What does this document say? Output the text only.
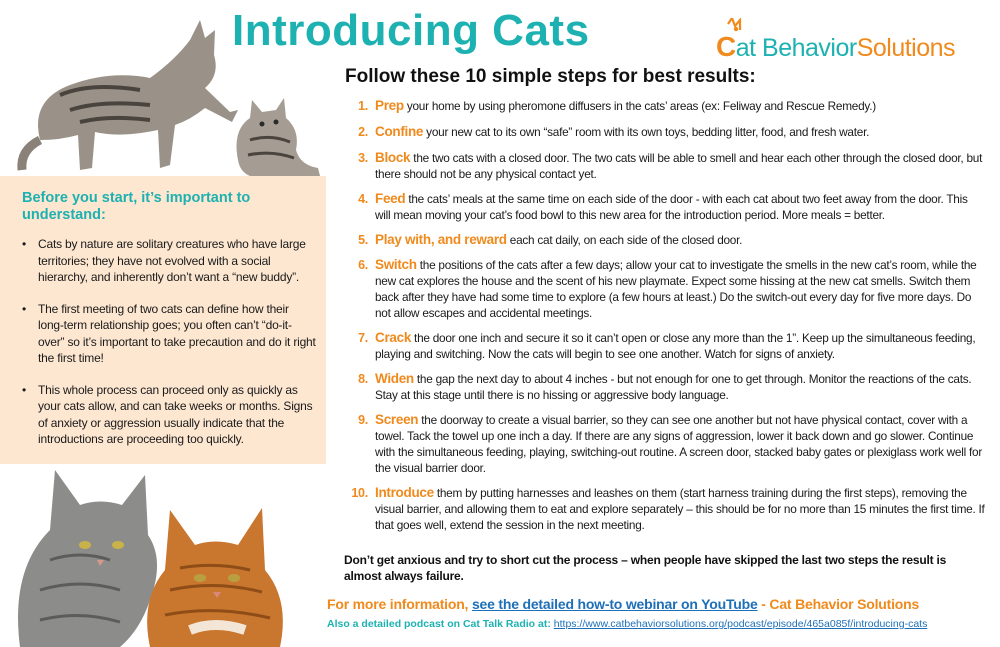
Introducing Cats	Cat BehaviorSolutions
Before you start, it’s important to understand:
• Cats by nature are solitary creatures who have large territories; they have not evolved with a social hierarchy, and inherently don’t want a “new buddy”.
• The first meeting of two cats can define how their long-term relationship goes; you often can’t “do-it-over” so it’s important to take precaution and do it right the first time!
• This whole process can proceed only as quickly as your cats allow, and can take weeks or months. Signs of anxiety or aggression usually indicate that the introductions are proceeding too quickly.
Follow these 10 simple steps for best results:
1. Prep your home by using pheromone diffusers in the cats’ areas (ex: Feliway and Rescue Remedy.)
2. Confine your new cat to its own “safe” room with its own toys, bedding litter, food, and fresh water.
3. Block the two cats with a closed door. The two cats will be able to smell and hear each other through the closed door, but there should not be any physical contact yet.
4. Feed the cats’ meals at the same time on each side of the door - with each cat about two feet away from the door. This will mean moving your cat’s food bowl to this new area for the introduction period. More meals = better.
5. Play with, and reward each cat daily, on each side of the closed door.
6. Switch the positions of the cats after a few days; allow your cat to investigate the smells in the new cat’s room, while the new cat explores the house and the scent of his new playmate. Expect some hissing at the new cat smells. Switch them back after they have had some time to explore (a few hours at least.) Do the switch-out every day for five more days. Do not allow escapes and accidental meetings.
7. Crack the door one inch and secure it so it can’t open or close any more than the 1”. Keep up the simultaneous feeding, playing and switching. Now the cats will begin to see one another. Watch for signs of anxiety.
8. Widen the gap the next day to about 4 inches - but not enough for one to get through. Monitor the reactions of the cats. Stay at this stage until there is no hissing or aggressive body language.
9. Screen the doorway to create a visual barrier, so they can see one another but not have physical contact, cover with a towel. Tack the towel up one inch a day. If there are any signs of aggression, lower it back down and go slower. Continue with the simultaneous feeding, playing, switching-out routine. A screen door, stacked baby gates or plexiglass work well for the visual barrier door.
10. Introduce them by putting harnesses and leashes on them (start harness training during the first steps), removing the visual barrier, and allowing them to eat and explore separately – this should be for no more than 15 minutes the first time. If that goes well, extend the session in the next meeting.

Don’t get anxious and try to short cut the process – when people have skipped the last two steps the result is almost always failure.

For more information, see the detailed how-to webinar on YouTube - Cat Behavior Solutions

Also a detailed podcast on Cat Talk Radio at: https://www.catbehaviorsolutions.org/podcast/episode/465a085f/introducing-cats
